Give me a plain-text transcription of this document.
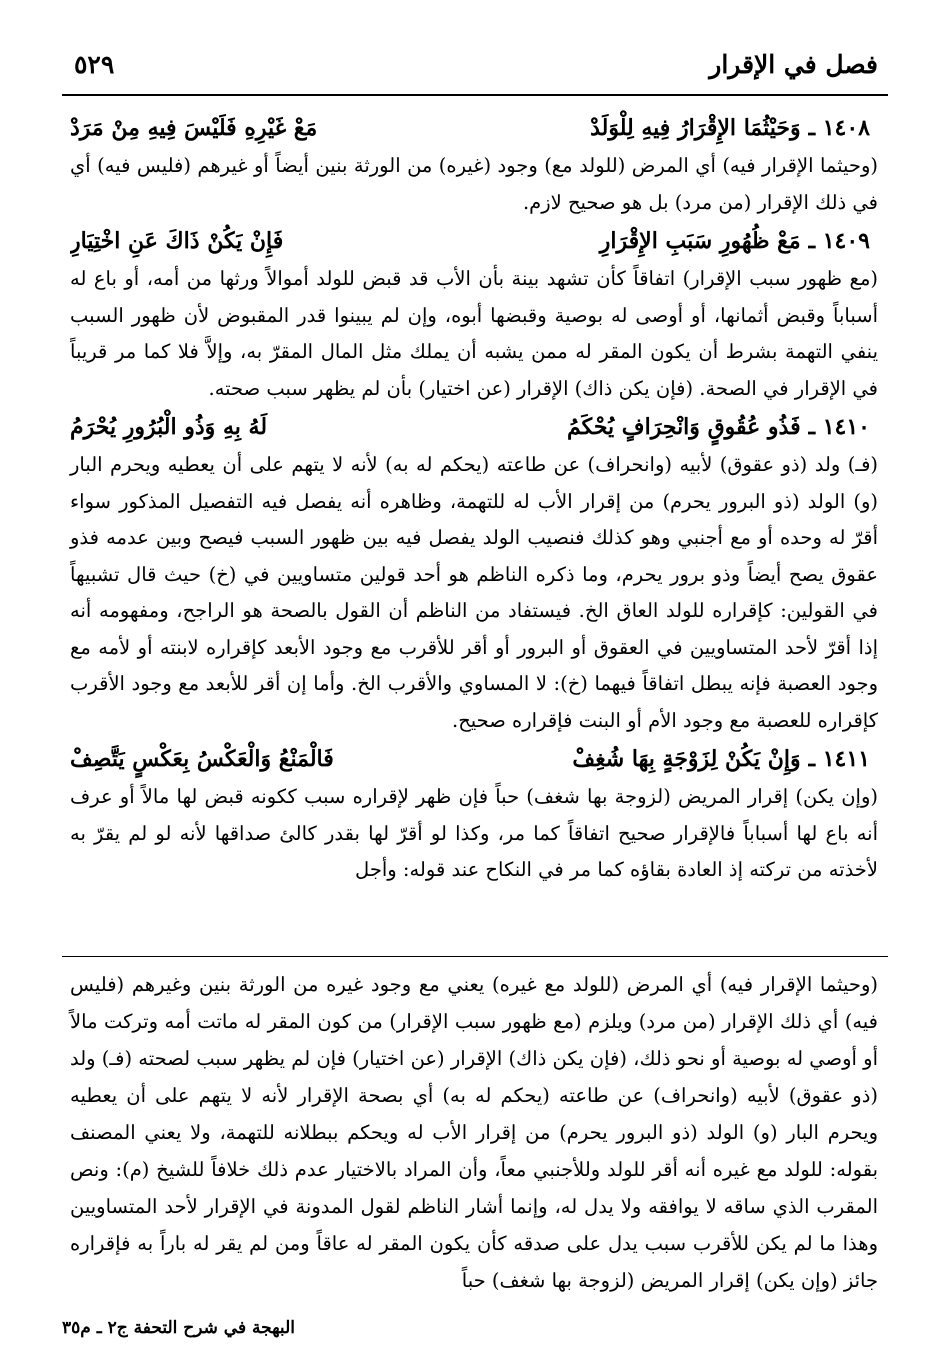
فصل في الإقرار
٥٢٩
١٤٠٨ ـ
وَحَيْثُمَا الإِقْرَارُ فِيهِ لِلْوَلَدْ
مَعْ غَيْرِهِ فَلَيْسَ فِيهِ مِنْ مَرَدْ

(وحيثما الإقرار فيه) أي المرض (للولد مع) وجود (غيره) من الورثة بنين أيضاً أو غيرهم (فليس فيه) أي في ذلك الإقرار (من مرد) بل هو صحيح لازم.

١٤٠٩ ـ
مَعْ ظُهُورِ سَبَبِ الإِقْرَارِ
فَإِنْ يَكُنْ ذَاكَ عَنِ اخْتِيَارِ

(مع ظهور سبب الإقرار) اتفاقاً كأن تشهد بينة بأن الأب قد قبض للولد أموالاً ورثها من أمه، أو باع له أسباباً وقبض أثمانها، أو أوصى له بوصية وقبضها أبوه، وإن لم يبينوا قدر المقبوض لأن ظهور السبب ينفي التهمة بشرط أن يكون المقر له ممن يشبه أن يملك مثل المال المقرّ به، وإلاَّ فلا كما مر قريباً في الإقرار في الصحة. (فإن يكن ذاك) الإقرار (عن اختيار) بأن لم يظهر سبب صحته.

١٤١٠ ـ
فَذُو عُقُوقٍ وَانْحِرَافٍ يُحْكَمُ
لَهُ بِهِ وَذُو الْبُرُورِ يُحْرَمُ

(فـ) ولد (ذو عقوق) لأبيه (وانحراف) عن طاعته (يحكم له به) لأنه لا يتهم على أن يعطيه ويحرم البار (و) الولد (ذو البرور يحرم) من إقرار الأب له للتهمة، وظاهره أنه يفصل فيه التفصيل المذكور سواء أقرّ له وحده أو مع أجنبي وهو كذلك فنصيب الولد يفصل فيه بين ظهور السبب فيصح وبين عدمه فذو عقوق يصح أيضاً وذو برور يحرم، وما ذكره الناظم هو أحد قولين متساويين في (خ) حيث قال تشبيهاً في القولين: كإقراره للولد العاق الخ. فيستفاد من الناظم أن القول بالصحة هو الراجح، ومفهومه أنه إذا أقرّ لأحد المتساويين في العقوق أو البرور أو أقر للأقرب مع وجود الأبعد كإقراره لابنته أو لأمه مع وجود العصبة فإنه يبطل اتفاقاً فيهما (خ): لا المساوي والأقرب الخ. وأما إن أقر للأبعد مع وجود الأقرب كإقراره للعصبة مع وجود الأم أو البنت فإقراره صحيح.

١٤١١ ـ
وَإِنْ يَكُنْ لِزَوْجَةٍ بِهَا شُغِفْ
فَالْمَنْعُ وَالْعَكْسُ بِعَكْسٍ يَتَّصِفْ

(وإن يكن) إقرار المريض (لزوجة بها شغف) حباً فإن ظهر لإقراره سبب ككونه قبض لها مالاً أو عرف أنه باع لها أسباباً فالإقرار صحيح اتفاقاً كما مر، وكذا لو أقرّ لها بقدر كالئ صداقها لأنه لو لم يقرّ به لأخذته من تركته إذ العادة بقاؤه كما مر في النكاح عند قوله: وأجل

(وحيثما الإقرار فيه) أي المرض (للولد مع غيره) يعني مع وجود غيره من الورثة بنين وغيرهم (فليس فيه) أي ذلك الإقرار (من مرد) ويلزم (مع ظهور سبب الإقرار) من كون المقر له ماتت أمه وتركت مالاً أو أوصي له بوصية أو نحو ذلك، (فإن يكن ذاك) الإقرار (عن اختيار) فإن لم يظهر سبب لصحته (فـ) ولد (ذو عقوق) لأبيه (وانحراف) عن طاعته (يحكم له به) أي بصحة الإقرار لأنه لا يتهم على أن يعطيه ويحرم البار (و) الولد (ذو البرور يحرم) من إقرار الأب له ويحكم ببطلانه للتهمة، ولا يعني المصنف بقوله: للولد مع غيره أنه أقر للولد وللأجنبي معاً، وأن المراد بالاختيار عدم ذلك خلافاً للشيخ (م): ونص المقرب الذي ساقه لا يوافقه ولا يدل له، وإنما أشار الناظم لقول المدونة في الإقرار لأحد المتساويين وهذا ما لم يكن للأقرب سبب يدل على صدقه كأن يكون المقر له عاقاً ومن لم يقر له باراً به فإقراره جائز (وإن يكن) إقرار المريض (لزوجة بها شغف) حباً

البهجة في شرح التحفة ج٢ ـ م٣٥
